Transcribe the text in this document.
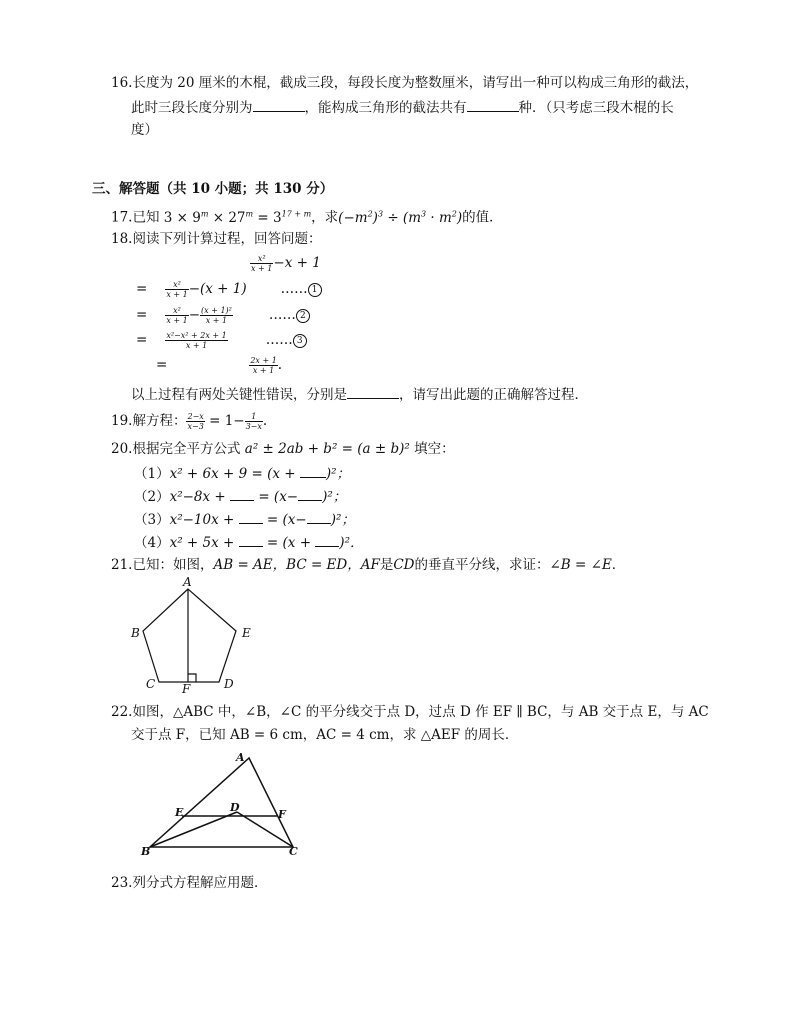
16.长度为 20 厘米的木棍，截成三段，每段长度为整数厘米，请写出一种可以构成三角形的截法，
此时三段长度分别为	，能构成三角形的截法共有	种．（只考虑三段木棍的长
度）
三、解答题（共 10 小题；共 130 分）
17.已知 $3 \times 9^m \times 27^m = 3^{17 + m}$，求$(-m^2)^3 \div (m^3 \cdot m^2)$的值．
18.阅读下列计算过程，回答问题：
$\frac{\text{x²}}{x + 1} -x + 1$
= $\frac{\text{x²}}{x + 1} -(x + 1)$	…… 1
= $\frac{\text{x²}}{x + 1} - \frac{\text{(x + 1)²}}{x + 1}$	…… 2
= $\frac{\text{x²−x² + 2x + 1}}{x + 1}$	…… 3
=	$\frac{2x + 1}{x + 1}$ .
以上过程有两处关键性错误，分别是	，请写出此题的正确解答过程．
19.解方程： $\frac{2-x}{x-3} = 1- \frac{1}{3-x}$ .
20.根据完全平方公式 a² ± 2ab + b² = (a ± b)² 填空：
（1）x² + 6x + 9 = (x + )²；
（2）x²−8x +  = (x− )²；
（3）x²−10x +  = (x− )²；
（4）x² + 5x +  = (x + )²．
21.已知：如图，AB = AE，BC = ED，AF是CD的垂直平分线，求证：∠B = ∠E．
A
B
C	D
E
F
22.如图，△ABC 中，∠B，∠C 的平分线交于点 D，过点 D 作 EF ∥ BC，与 AB 交于点 E，与 AC
交于点 F，已知 AB = 6 cm，AC = 4 cm，求 △AEF 的周长．
A
B	C
D
E	F
23.列分式方程解应用题．
